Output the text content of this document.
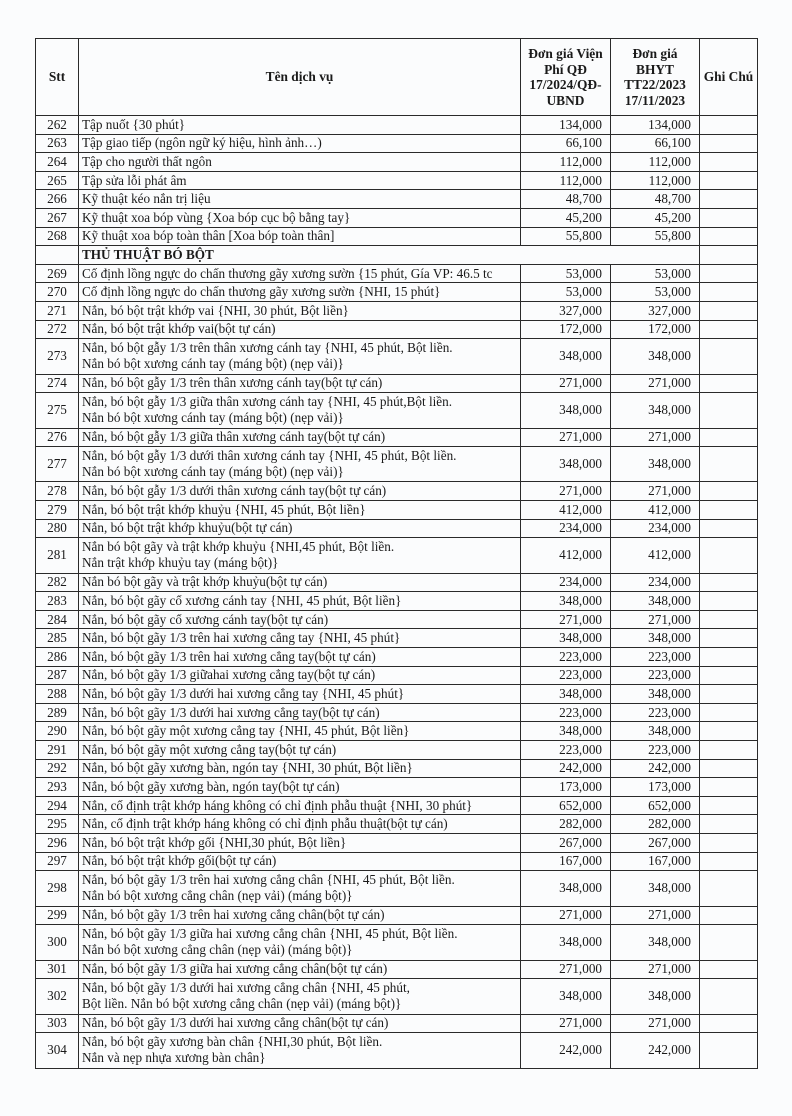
Stt	Tên dịch vụ	Đơn giá Viện Phí QĐ 17/2024/QĐ-UBND	Đơn giá BHYT TT22/2023 17/11/2023	Ghi Chú
262	Tập nuốt {30 phút}	134,000	134,000	
263	Tập giao tiếp (ngôn ngữ ký hiệu, hình ảnh…)	66,100	66,100	
264	Tập cho người thất ngôn	112,000	112,000	
265	Tập sửa lỗi phát âm	112,000	112,000	
266	Kỹ thuật kéo nắn trị liệu	48,700	48,700	
267	Kỹ thuật xoa bóp vùng {Xoa bóp cục bộ bằng tay}	45,200	45,200	
268	Kỹ thuật xoa bóp toàn thân [Xoa bóp toàn thân]	55,800	55,800	
	THỦ THUẬT BÓ BỘT			
269	Cố định lồng ngực do chấn thương gãy xương sườn {15 phút, Gía VP: 46.5 tc	53,000	53,000	
270	Cố định lồng ngực do chấn thương gãy xương sườn {NHI, 15 phút}	53,000	53,000	
271	Nắn, bó bột trật khớp vai {NHI, 30 phút, Bột liền}	327,000	327,000	
272	Nắn, bó bột trật khớp vai(bột tự cán)	172,000	172,000	
273	Nắn, bó bột gẫy 1/3 trên thân xương cánh tay {NHI, 45 phút, Bột liền.
Nắn bó bột xương cánh tay (máng bột) (nẹp vải)}	348,000	348,000	
274	Nắn, bó bột gẫy 1/3 trên thân xương cánh tay(bột tự cán)	271,000	271,000	
275	Nắn, bó bột gẫy 1/3 giữa thân xương cánh tay {NHI, 45 phút,Bột liền.
Nắn bó bột xương cánh tay (máng bột) (nẹp vải)}	348,000	348,000	
276	Nắn, bó bột gẫy 1/3 giữa thân xương cánh tay(bột tự cán)	271,000	271,000	
277	Nắn, bó bột gẫy 1/3 dưới thân xương cánh tay {NHI, 45 phút, Bột liền.
Nắn bó bột xương cánh tay (máng bột) (nẹp vải)}	348,000	348,000	
278	Nắn, bó bột gẫy 1/3 dưới thân xương cánh tay(bột tự cán)	271,000	271,000	
279	Nắn, bó bột trật khớp khuỷu {NHI, 45 phút, Bột liền}	412,000	412,000	
280	Nắn, bó bột trật khớp khuỷu(bột tự cán)	234,000	234,000	
281	Nắn bó bột gãy và trật khớp khuỷu {NHI,45 phút, Bột liền.
Nắn trật khớp khuỷu tay (máng bột)}	412,000	412,000	
282	Nắn bó bột gãy và trật khớp khuỷu(bột tự cán)	234,000	234,000	
283	Nắn, bó bột gãy cổ xương cánh tay {NHI, 45 phút, Bột liền}	348,000	348,000	
284	Nắn, bó bột gãy cổ xương cánh tay(bột tự cán)	271,000	271,000	
285	Nắn, bó bột gãy 1/3 trên hai xương cẳng tay {NHI, 45 phút}	348,000	348,000	
286	Nắn, bó bột gãy 1/3 trên hai xương cẳng tay(bột tự cán)	223,000	223,000	
287	Nắn, bó bột gãy 1/3 giữahai xương cẳng tay(bột tự cán)	223,000	223,000	
288	Nắn, bó bột gãy 1/3 dưới hai xương cẳng tay {NHI, 45 phút}	348,000	348,000	
289	Nắn, bó bột gãy 1/3 dưới hai xương cẳng tay(bột tự cán)	223,000	223,000	
290	Nắn, bó bột gãy một xương cẳng tay {NHI, 45 phút, Bột liền}	348,000	348,000	
291	Nắn, bó bột gãy một xương cẳng tay(bột tự cán)	223,000	223,000	
292	Nắn, bó bột gãy xương bàn, ngón tay {NHI, 30 phút, Bột liền}	242,000	242,000	
293	Nắn, bó bột gãy xương bàn, ngón tay(bột tự cán)	173,000	173,000	
294	Nắn, cố định trật khớp háng không có chỉ định phẫu thuật {NHI, 30 phút}	652,000	652,000	
295	Nắn, cố định trật khớp háng không có chỉ định phẫu thuật(bột tự cán)	282,000	282,000	
296	Nắn, bó bột trật khớp gối {NHI,30 phút, Bột liền}	267,000	267,000	
297	Nắn, bó bột trật khớp gối(bột tự cán)	167,000	167,000	
298	Nắn, bó bột gãy 1/3 trên hai xương cẳng chân {NHI, 45 phút, Bột liền.
Nắn bó bột xương cẳng chân (nẹp vải) (máng bột)}	348,000	348,000	
299	Nắn, bó bột gãy 1/3 trên hai xương cẳng chân(bột tự cán)	271,000	271,000	
300	Nắn, bó bột gãy 1/3 giữa hai xương cẳng chân {NHI, 45 phút, Bột liền.
Nắn bó bột xương cẳng chân (nẹp vải) (máng bột)}	348,000	348,000	
301	Nắn, bó bột gãy 1/3 giữa hai xương cẳng chân(bột tự cán)	271,000	271,000	
302	Nắn, bó bột gãy 1/3 dưới hai xương cẳng chân {NHI, 45 phút,
Bột liền. Nắn bó bột xương cẳng chân (nẹp vải) (máng bột)}	348,000	348,000	
303	Nắn, bó bột gãy 1/3 dưới hai xương cẳng chân(bột tự cán)	271,000	271,000	
304	Nắn, bó bột gãy xương bàn chân {NHI,30 phút, Bột liền.
Nắn và nẹp nhựa xương bàn chân}	242,000	242,000	
